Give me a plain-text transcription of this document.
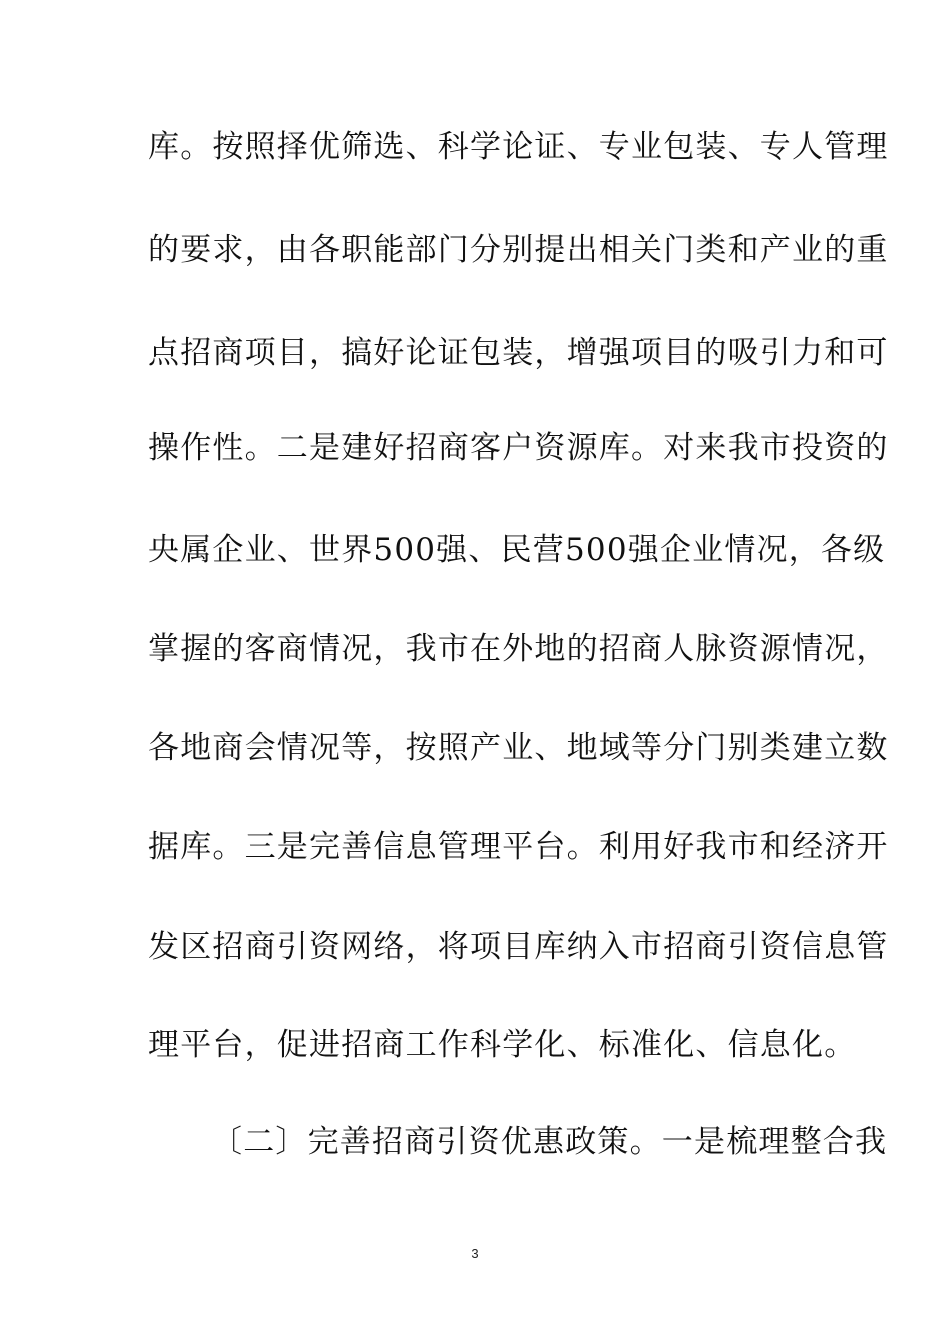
库。按照择优筛选、科学论证、专业包装、专人管理
的要求，由各职能部门分别提出相关门类和产业的重
点招商项目，搞好论证包装，增强项目的吸引力和可
操作性。二是建好招商客户资源库。对来我市投资的
央属企业、世界500强、民营500强企业情况，各级
掌握的客商情况，我市在外地的招商人脉资源情况，
各地商会情况等，按照产业、地域等分门别类建立数
据库。三是完善信息管理平台。利用好我市和经济开
发区招商引资网络，将项目库纳入市招商引资信息管
理平台，促进招商工作科学化、标准化、信息化。
〔二〕完善招商引资优惠政策。一是梳理整合我
3
